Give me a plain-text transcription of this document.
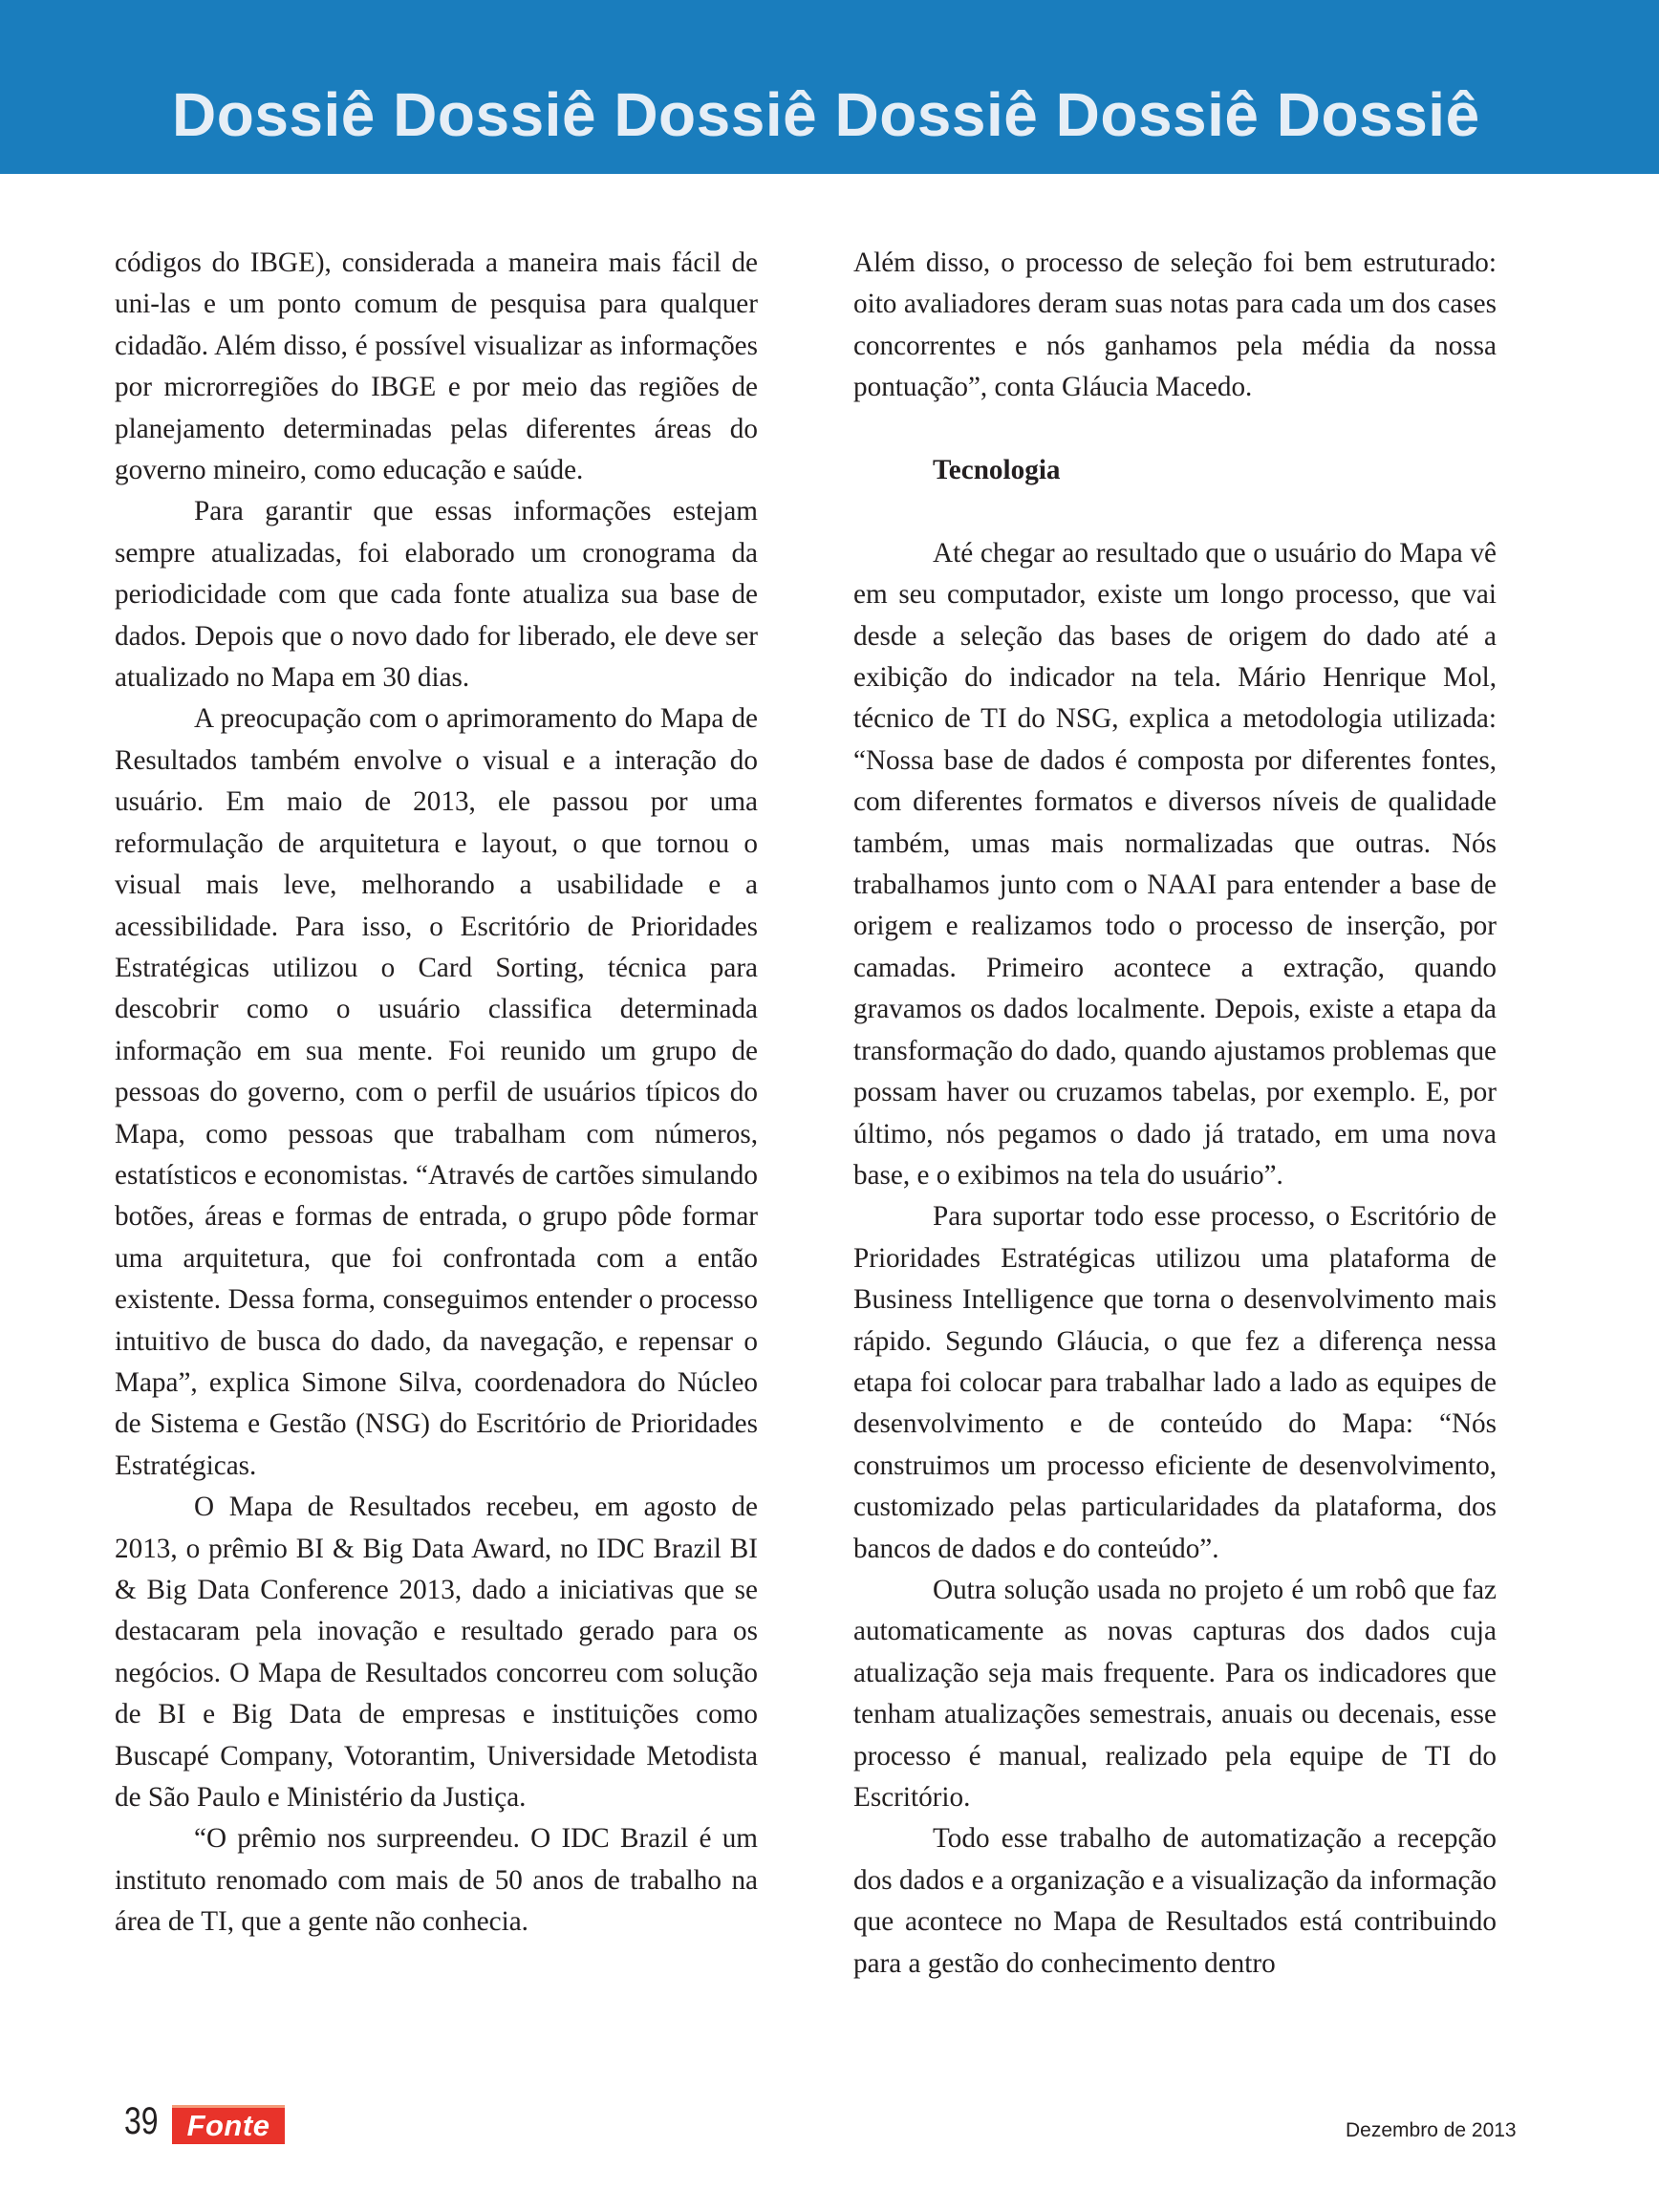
Dossiê Dossiê Dossiê Dossiê Dossiê Dossiê

códigos do IBGE), considerada a maneira mais fácil de uni-las e um ponto comum de pesquisa para qualquer cidadão. Além disso, é possível visualizar as informações por microrregiões do IBGE e por meio das regiões de planejamento determinadas pelas diferentes áreas do governo mineiro, como educação e saúde.

Para garantir que essas informações estejam sempre atualizadas, foi elaborado um cronograma da periodicidade com que cada fonte atualiza sua base de dados. Depois que o novo dado for liberado, ele deve ser atualizado no Mapa em 30 dias.

A preocupação com o aprimoramento do Mapa de Resultados também envolve o visual e a interação do usuário. Em maio de 2013, ele passou por uma reformulação de arquitetura e layout, o que tornou o visual mais leve, melhorando a usabilidade e a acessibilidade. Para isso, o Escritório de Prioridades Estratégicas utilizou o Card Sorting, técnica para descobrir como o usuário classifica determinada informação em sua mente. Foi reunido um grupo de pessoas do governo, com o perfil de usuários típicos do Mapa, como pessoas que trabalham com números, estatísticos e economistas. “Através de cartões simulando botões, áreas e formas de entrada, o grupo pôde formar uma arquitetura, que foi confrontada com a então existente. Dessa forma, conseguimos entender o processo intuitivo de busca do dado, da navegação, e repensar o Mapa”, explica Simone Silva, coordenadora do Núcleo de Sistema e Gestão (NSG) do Escritório de Prioridades Estratégicas.

O Mapa de Resultados recebeu, em agosto de 2013, o prêmio BI & Big Data Award, no IDC Brazil BI & Big Data Conference 2013, dado a iniciativas que se destacaram pela inovação e resultado gerado para os negócios. O Mapa de Resultados concorreu com solução de BI e Big Data de empresas e instituições como Buscapé Company, Votorantim, Universidade Metodista de São Paulo e Ministério da Justiça.

“O prêmio nos surpreendeu. O IDC Brazil é um instituto renomado com mais de 50 anos de trabalho na área de TI, que a gente não conhecia.

Além disso, o processo de seleção foi bem estruturado: oito avaliadores deram suas notas para cada um dos cases concorrentes e nós ganhamos pela média da nossa pontuação”, conta Gláucia Macedo.

Tecnologia

Até chegar ao resultado que o usuário do Mapa vê em seu computador, existe um longo processo, que vai desde a seleção das bases de origem do dado até a exibição do indicador na tela. Mário Henrique Mol, técnico de TI do NSG, explica a metodologia utilizada: “Nossa base de dados é composta por diferentes fontes, com diferentes formatos e diversos níveis de qualidade também, umas mais normalizadas que outras. Nós trabalhamos junto com o NAAI para entender a base de origem e realizamos todo o processo de inserção, por camadas. Primeiro acontece a extração, quando gravamos os dados localmente. Depois, existe a etapa da transformação do dado, quando ajustamos problemas que possam haver ou cruzamos tabelas, por exemplo. E, por último, nós pegamos o dado já tratado, em uma nova base, e o exibimos na tela do usuário”.

Para suportar todo esse processo, o Escritório de Prioridades Estratégicas utilizou uma plataforma de Business Intelligence que torna o desenvolvimento mais rápido. Segundo Gláucia, o que fez a diferença nessa etapa foi colocar para trabalhar lado a lado as equipes de desenvolvimento e de conteúdo do Mapa: “Nós construimos um processo eficiente de desenvolvimento, customizado pelas particularidades da plataforma, dos bancos de dados e do conteúdo”.

Outra solução usada no projeto é um robô que faz automaticamente as novas capturas dos dados cuja atualização seja mais frequente. Para os indicadores que tenham atualizações semestrais, anuais ou decenais, esse processo é manual, realizado pela equipe de TI do Escritório.

Todo esse trabalho de automatização a recepção dos dados e a organização e a visualização da informação que acontece no Mapa de Resultados está contribuindo para a gestão do conhecimento dentro

39 Fonte	Dezembro de 2013
